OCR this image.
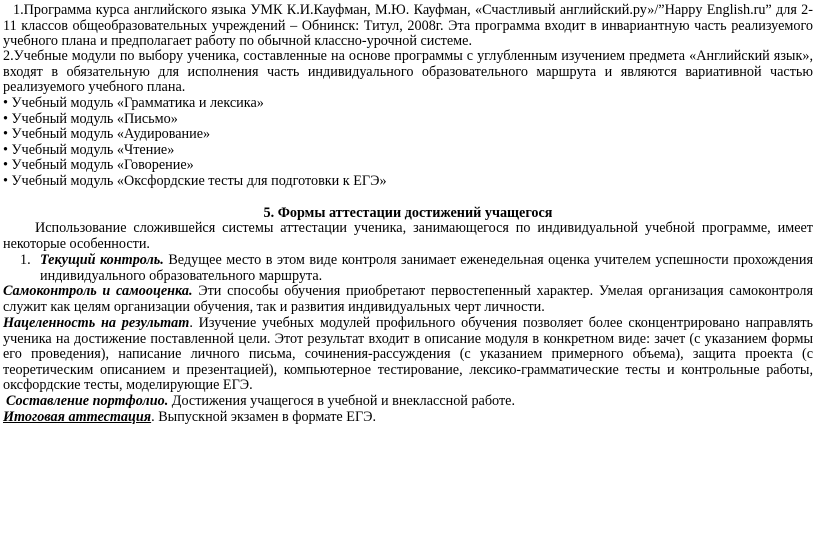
1.Программа курса английского языка УМК К.И.Кауфман, М.Ю. Кауфман, «Счастливый английский.ру»/”Happy English.ru” для 2-11 классов общеобразовательных учреждений – Обнинск: Титул, 2008г. Эта программа входит в инвариантную часть реализуемого учебного плана и предполагает работу по обычной классно-урочной системе.

2.Учебные модули по выбору ученика, составленные на основе программы с углубленным изучением предмета «Английский язык», входят в обязательную для исполнения часть индивидуального образовательного маршрута и являются вариативной частью реализуемого учебного плана.

• Учебный модуль «Грамматика и лексика»
• Учебный модуль «Письмо»
• Учебный модуль «Аудирование»
• Учебный модуль «Чтение»
• Учебный модуль «Говорение»
• Учебный модуль «Оксфордские тесты для подготовки к ЕГЭ»
5. Формы аттестации достижений учащегося

Использование сложившейся системы аттестации ученика, занимающегося по индивидуальной учебной программе, имеет некоторые особенности.

1. Текущий контроль. Ведущее место в этом виде контроля занимает еженедельная оценка учителем успешности прохождения индивидуального образовательного маршрута.

Самоконтроль и самооценка. Эти способы обучения приобретают первостепенный характер. Умелая организация самоконтроля служит как целям организации обучения, так и развития индивидуальных черт личности.

Нацеленность на результат. Изучение учебных модулей профильного обучения позволяет более сконцентрировано направлять ученика на достижение поставленной цели. Этот результат входит в описание модуля в конкретном виде: зачет (с указанием формы его проведения), написание личного письма, сочинения-рассуждения (с указанием примерного объема), защита проекта (с теоретическим описанием и презентацией), компьютерное тестирование, лексико-грамматические тесты и контрольные работы, оксфордские тесты, моделирующие ЕГЭ.

Составление портфолио. Достижения учащегося в учебной и внеклассной работе.

Итоговая аттестация. Выпускной экзамен в формате ЕГЭ.
